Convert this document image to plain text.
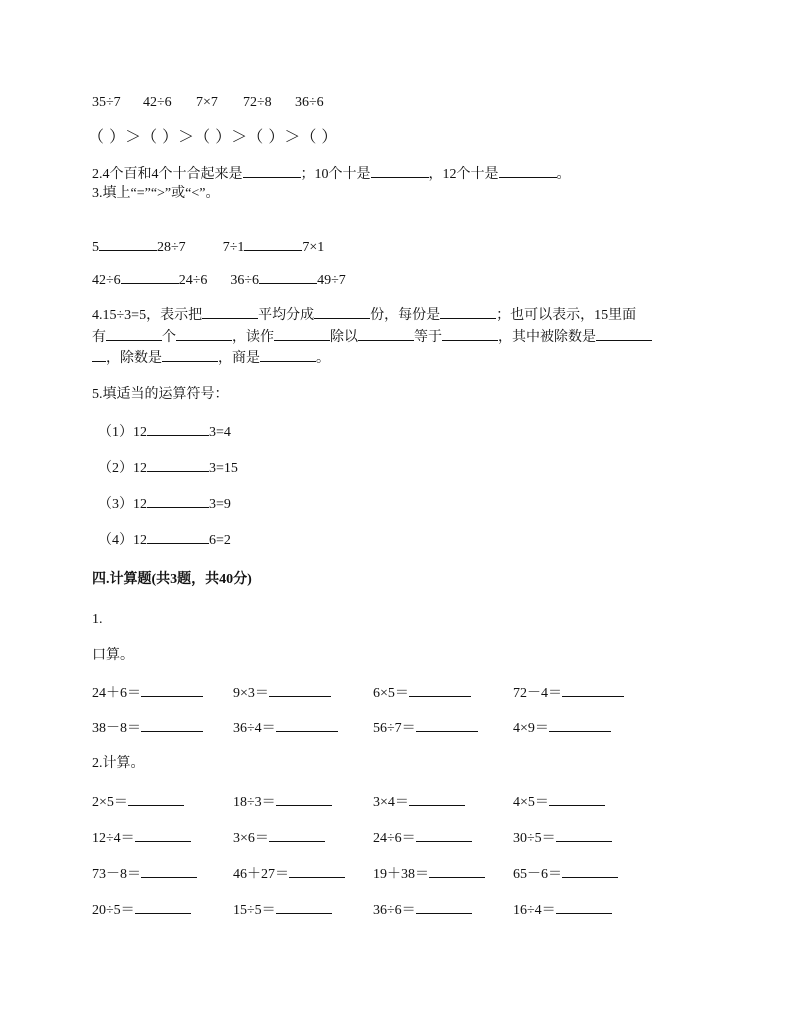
35÷7 42÷6 7×7 72÷8 36÷6
（ ）＞（ ）＞（ ）＞（ ）＞（ ）
2.4个百和4个十合起来是	；10个十是	，12个十是	。
3.填上“=”“>”或“<”。
5	28÷7	7÷1	7×1
42÷6	24÷6 36÷6	49÷7
4.15÷3=5，表示把	平均分成	份，每份是	；也可以表示，15里面
有	个	，读作	除以	等于	，其中被除数是
，除数是	，商是	。
5.填适当的运算符号：
（1）12	3=4
（2）12	3=15
（3）12	3=9
（4）12	6=2
四.计算题(共3题，共40分)
1.
口算。
24＋6＝	9×3＝	6×5＝	72－4＝
38－8＝	36÷4＝	56÷7＝	4×9＝
2.计算。
2×5＝	18÷3＝	3×4＝	4×5＝
12÷4＝	3×6＝	24÷6＝	30÷5＝
73－8＝	46＋27＝	19＋38＝	65－6＝
20÷5＝	15÷5＝	36÷6＝	16÷4＝
